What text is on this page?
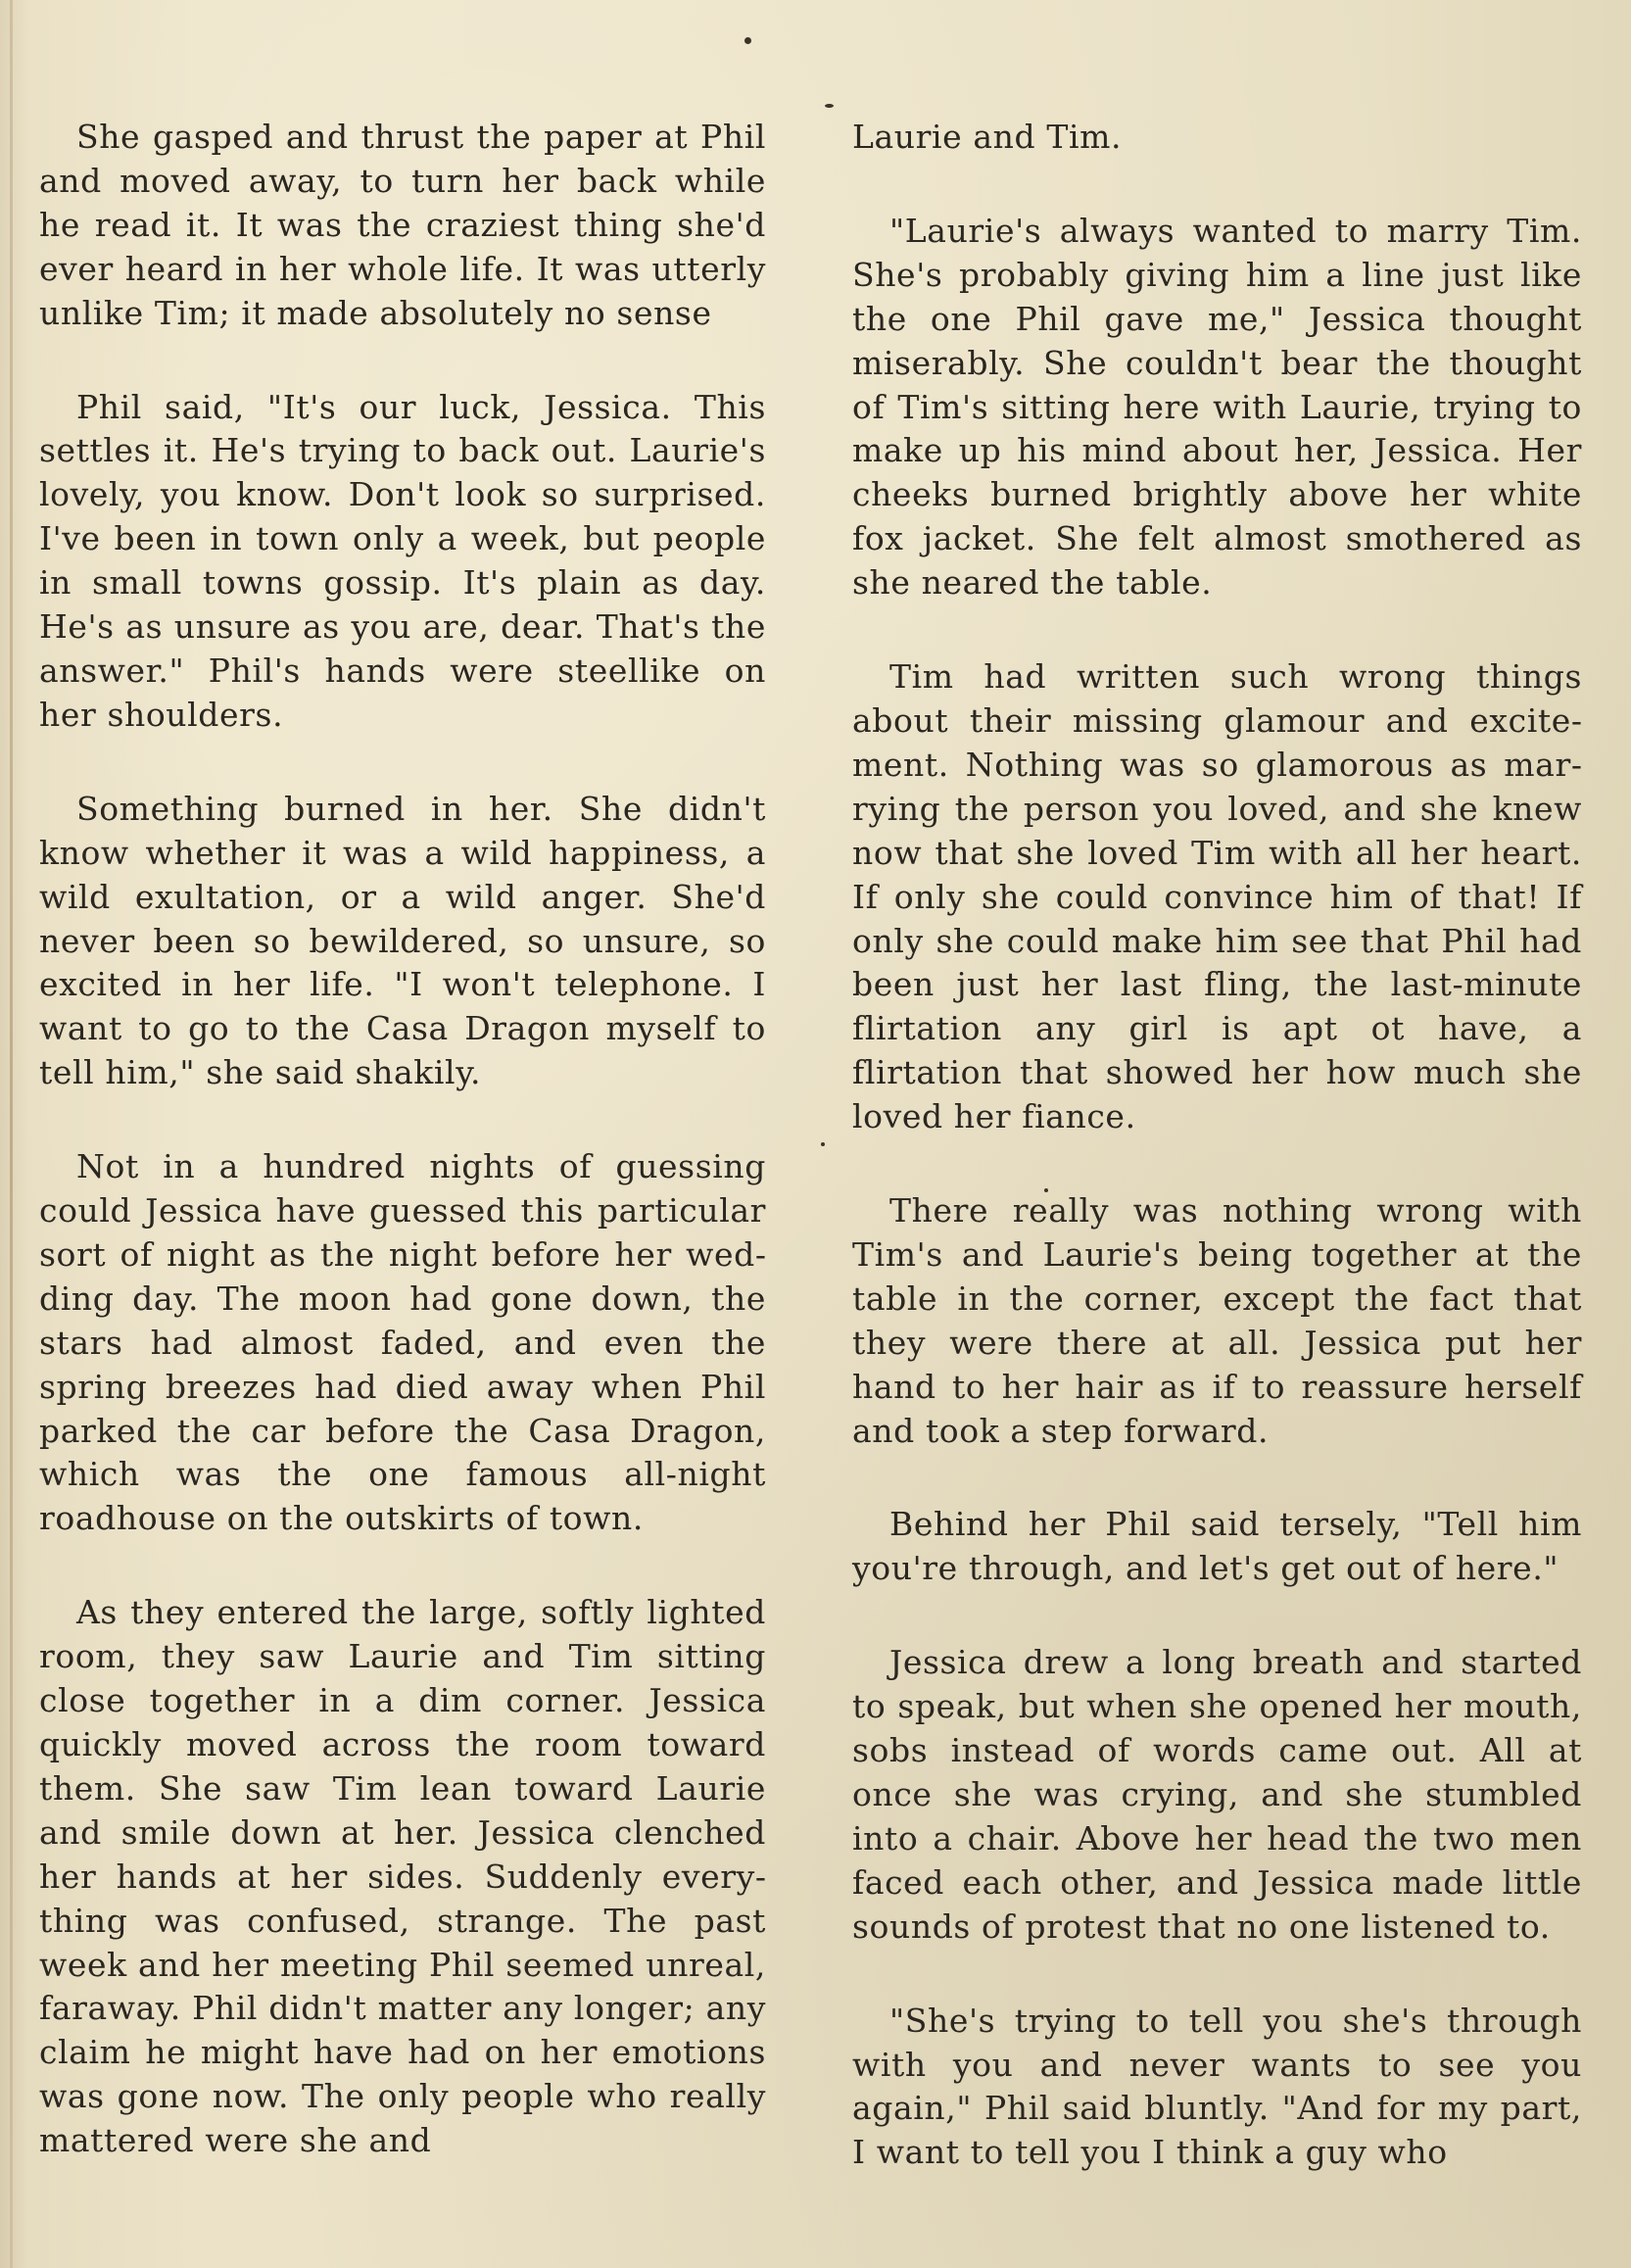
She gasped and thrust the paper at Phil and moved away, to turn her back while he read it. It was the craziest thing she'd ever heard in her whole life. It was utterly unlike Tim; it made absolutely no sense

Phil said, "It's our luck, Jessica. This settles it. He's trying to back out. Laurie's lovely, you know. Don't look so surprised. I've been in town only a week, but people in small towns gossip. It's plain as day. He's as unsure as you are, dear. That's the answer." Phil's hands were steellike on her shoulders.

Something burned in her. She didn't know whether it was a wild happiness, a wild exultation, or a wild anger. She'd never been so bewildered, so unsure, so excited in her life. "I won't telephone. I want to go to the Casa Dragon myself to tell him," she said shakily.

Not in a hundred nights of guessing could Jessica have guessed this particular sort of night as the night before her wedding day. The moon had gone down, the stars had almost faded, and even the spring breezes had died away when Phil parked the car before the Casa Dragon, which was the one famous all-night roadhouse on the outskirts of town.

As they entered the large, softly lighted room, they saw Laurie and Tim sitting close together in a dim corner. Jessica quickly moved across the room toward them. She saw Tim lean toward Laurie and smile down at her. Jessica clenched her hands at her sides. Suddenly everything was confused, strange. The past week and her meeting Phil seemed unreal, faraway. Phil didn't matter any longer; any claim he might have had on her emotions was gone now. The only people who really mattered were she and

Laurie and Tim.

"Laurie's always wanted to marry Tim. She's probably giving him a line just like the one Phil gave me," Jessica thought miserably. She couldn't bear the thought of Tim's sitting here with Laurie, trying to make up his mind about her, Jessica. Her cheeks burned brightly above her white fox jacket. She felt almost smothered as she neared the table.

Tim had written such wrong things about their missing glamour and excitement. Nothing was so glamorous as marrying the person you loved, and she knew now that she loved Tim with all her heart. If only she could convince him of that! If only she could make him see that Phil had been just her last fling, the last-minute flirtation any girl is apt ot have, a flirtation that showed her how much she loved her fiance.

There really was nothing wrong with Tim's and Laurie's being together at the table in the corner, except the fact that they were there at all. Jessica put her hand to her hair as if to reassure herself and took a step forward.

Behind her Phil said tersely, "Tell him you're through, and let's get out of here."

Jessica drew a long breath and started to speak, but when she opened her mouth, sobs instead of words came out. All at once she was crying, and she stumbled into a chair. Above her head the two men faced each other, and Jessica made little sounds of protest that no one listened to.

"She's trying to tell you she's through with you and never wants to see you again," Phil said bluntly. "And for my part, I want to tell you I think a guy who
